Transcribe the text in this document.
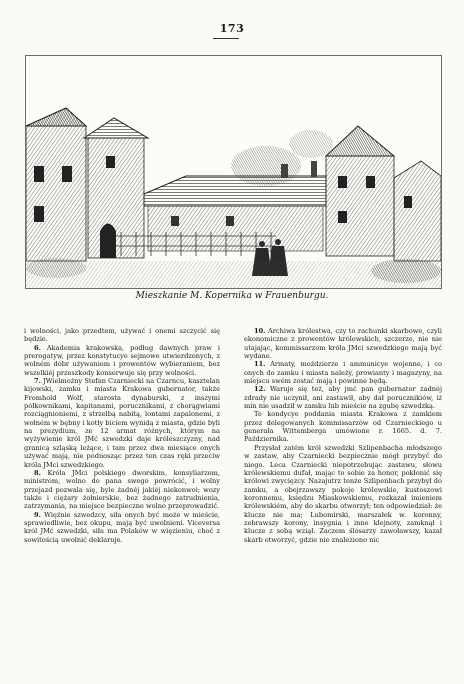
173
Mieszkanie M. Kopernika w Frauenburgu.

i wolności, jako przedtem, używać i onemi szczycić się będzie.

6. Akademia krakowska, podług dawnych praw i prerogatyw, przez konstytucye sejmowe utwierdzonych, z wolném dóbr używaniem i prowentów wybieraniem, bez wszelkiéj przeszkody konserwuje się przy wolności.

7. JWielmożny Stefan Czarniecki na Czarncu, kasztelan kijowski, zamku i miasta Krakowa gubernator, także Fromhold Wolf, starosta dynaburski, z inszymi półkownikami, kapitanami, porucznikami, z chorągwiami rozciągnioniemi, z strzelbą nabitą, lontami zapalonemi, z wołném w bębny i kotły biciem wynidą z miasta, gdzie byli na prezydium, ze 12 armat różnych, którym na wyżywienie król JMć szwedzki daje króleszczyzny, nad granicą szląską leżące, i tam przez dwa miesiące onych używać mają, nie podnosząc przez ten czas ręki przeciw króla JMci szwedzkiego.

8. Króla JMci polskiego dworskim, konsyliarzom, ministrom, wolno do pana swego powrócić, i wolny przejazd pozwala się, byle żadnéj jakiéj niekonwoi; wozy także i ciężary żołnierskie, bez żadnego zatrudnienia, zatrzymania, na miejsce bezpieczne wolno przeprowadzić.

9. Więźnie szwedzcy, siła onych być może w mieście, sprawiedliwie, bez okupu, mają być uwolnieni. Viceversa król JMć szwedzki, siła ma Polaków w więzieniu, choć z sowitością uwolnić deklaruje.

10. Archiwa królestwa, czy to rachunki skarbowe, czyli ekonomiczne z prowentów królewskich, szczerze, nie nie utajając, kommissarzom króla JMci szwedzkiego mają być wydane.

11. Armaty, moździerze i ammunicye wojenne, i co onych do zamku i miasta należy, prowianty i magazyny, na miejscu swém zostać mają i powinne będą.

12. Waruje się też, aby jmć pan gubernator żadnéj zdrady nie uczynił, ani zastawił, aby dał porucznikiów, iż min nie usadził w zamku lub mieście na zgubę szwedzką.

Te kondycye poddania miasta Krakowa z zamkiem przez delegowanych kommissarzów od Czarnieckiego u generała Wittemberga umówione r. 1665. d. 7. Października.

Przysłał zatém król szwedzki Szlipenbacha młodszego w zastaw, aby Czarniecki bezpiecznie mógł przybyć do niego. Leca Czarniecki niepotrzebując zastawu, słowu królewskiemu dufał, mając to sobie za honor, pokłonić się królowi zwycięzcy. Nazajutrz tenże Szlipenbach przybył do zamku, a obejrzawszy pokoje królewskie, kustoszowi koronnemu, księdzu Miaskowskiemu, rozkazał imieniem królewskiém, aby do skarbu otworzył; ten odpowiedział: że klucze nie ma; Lubomirski, marszałek w. koronny, zebrawszy korony, insygnia i inne klejnoty, zamknął i klucze z sobą wziął. Zaczem ślósarzy zawoławszy, kazał skarb otworzyć, gdzie nie znaleziono nic
